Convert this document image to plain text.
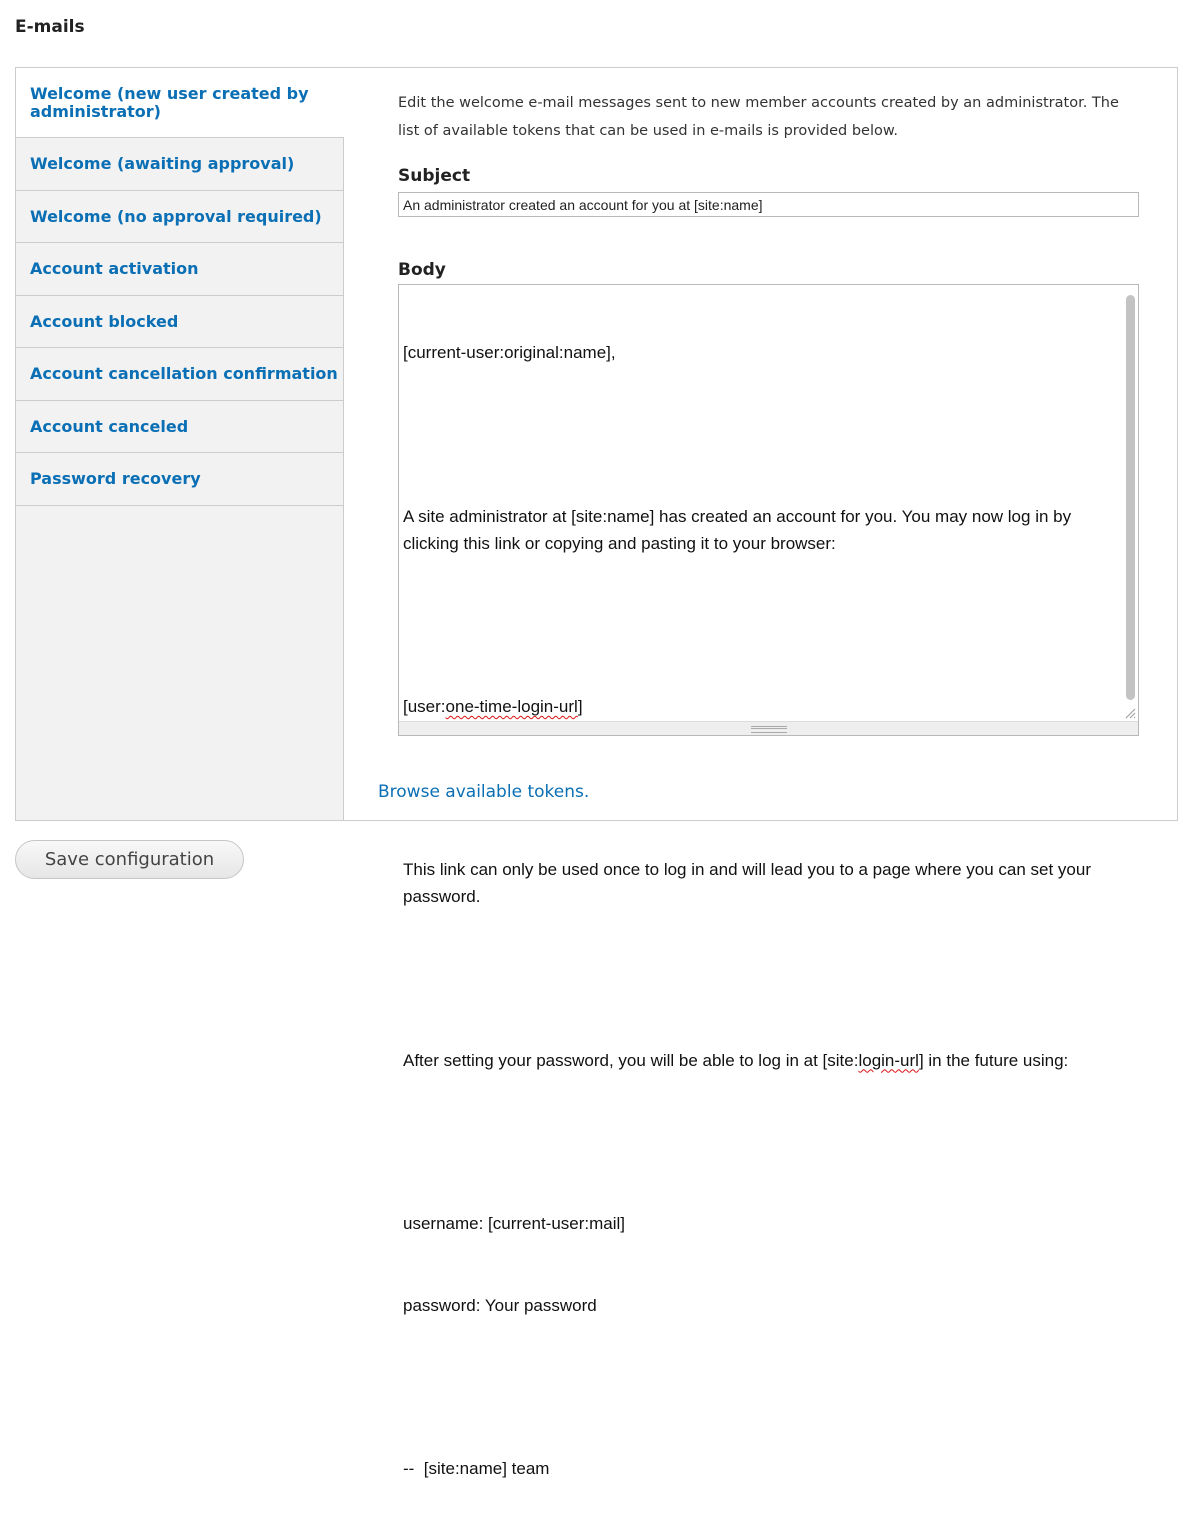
E-mails
Welcome (new user created by administrator)
Welcome (awaiting approval)
Welcome (no approval required)
Account activation
Account blocked
Account cancellation confirmation
Account canceled
Password recovery
Edit the welcome e-mail messages sent to new member accounts created by an administrator. The list of available tokens that can be used in e-mails is provided below.
Subject
An administrator created an account for you at [site:name]
Body

[current-user:original:name],

A site administrator at [site:name] has created an account for you. You may now log in by clicking this link or copying and pasting it to your browser:

[user:one-time-login-url]

This link can only be used once to log in and will lead you to a page where you can set your password.

After setting your password, you will be able to log in at [site:login-url] in the future using:

username: [current-user:mail]

password: Your password

--  [site:name] team

Browse available tokens.
Save configuration
